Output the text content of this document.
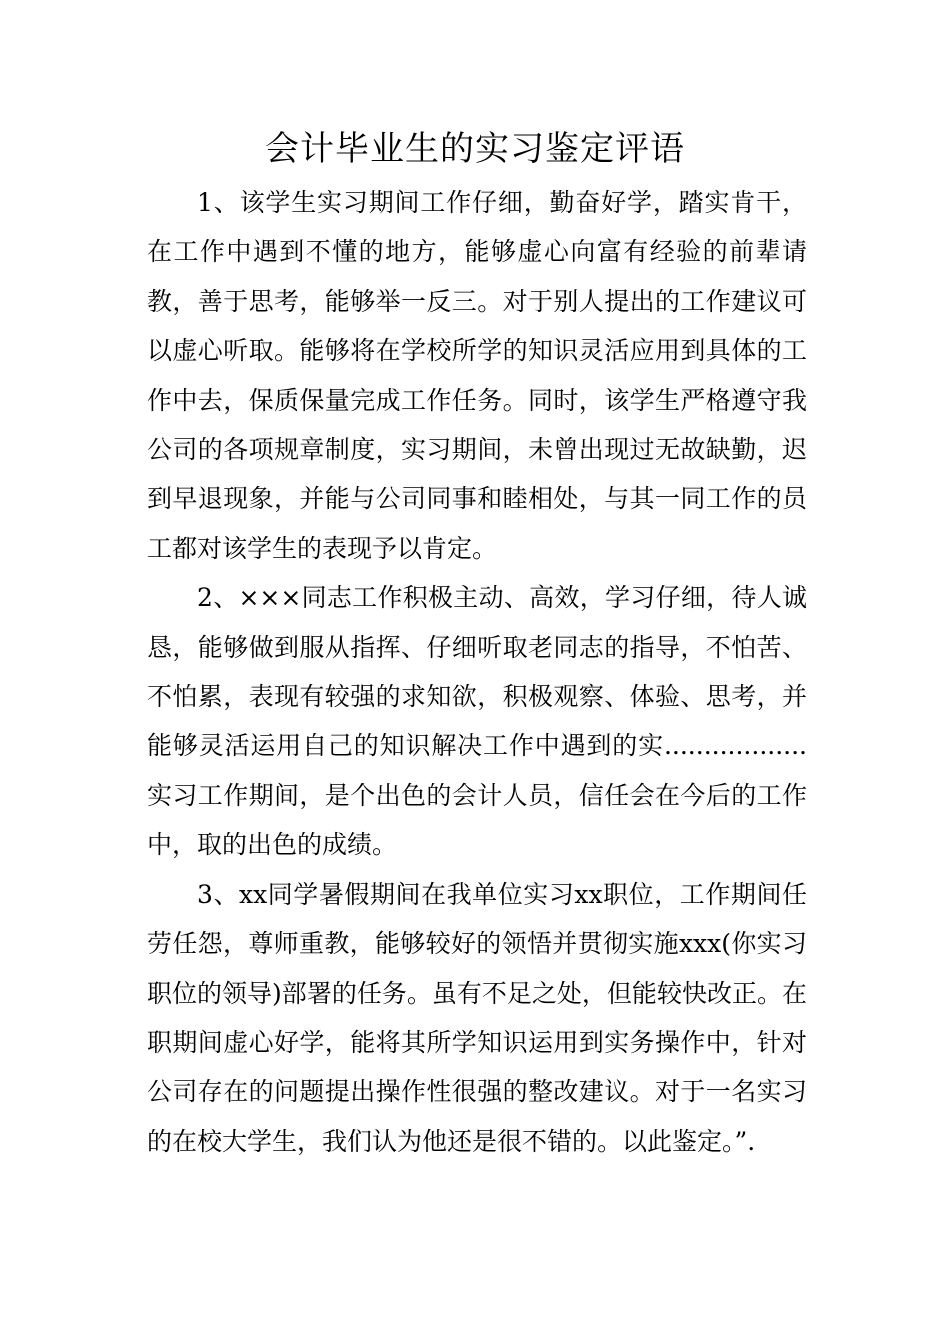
会计毕业生的实习鉴定评语

1、该学生实习期间工作仔细，勤奋好学，踏实肯干，在工作中遇到不懂的地方，能够虚心向富有经验的前辈请教，善于思考，能够举一反三。对于别人提出的工作建议可以虚心听取。能够将在学校所学的知识灵活应用到具体的工作中去，保质保量完成工作任务。同时，该学生严格遵守我公司的各项规章制度，实习期间，未曾出现过无故缺勤，迟到早退现象，并能与公司同事和睦相处，与其一同工作的员工都对该学生的表现予以肯定。

2、×××同志工作积极主动、高效，学习仔细，待人诚恳，能够做到服从指挥、仔细听取老同志的指导，不怕苦、不怕累，表现有较强的求知欲，积极观察、体验、思考，并能够灵活运用自己的知识解决工作中遇到的实.................. 实习工作期间，是个出色的会计人员，信任会在今后的工作中，取的出色的成绩。

3、xx同学暑假期间在我单位实习xx职位，工作期间任劳任怨，尊师重教，能够较好的领悟并贯彻实施xxx(你实习职位的领导)部署的任务。虽有不足之处，但能较快改正。在职期间虚心好学，能将其所学知识运用到实务操作中，针对公司存在的问题提出操作性很强的整改建议。对于一名实习的在校大学生，我们认为他还是很不错的。以此鉴定。”.
